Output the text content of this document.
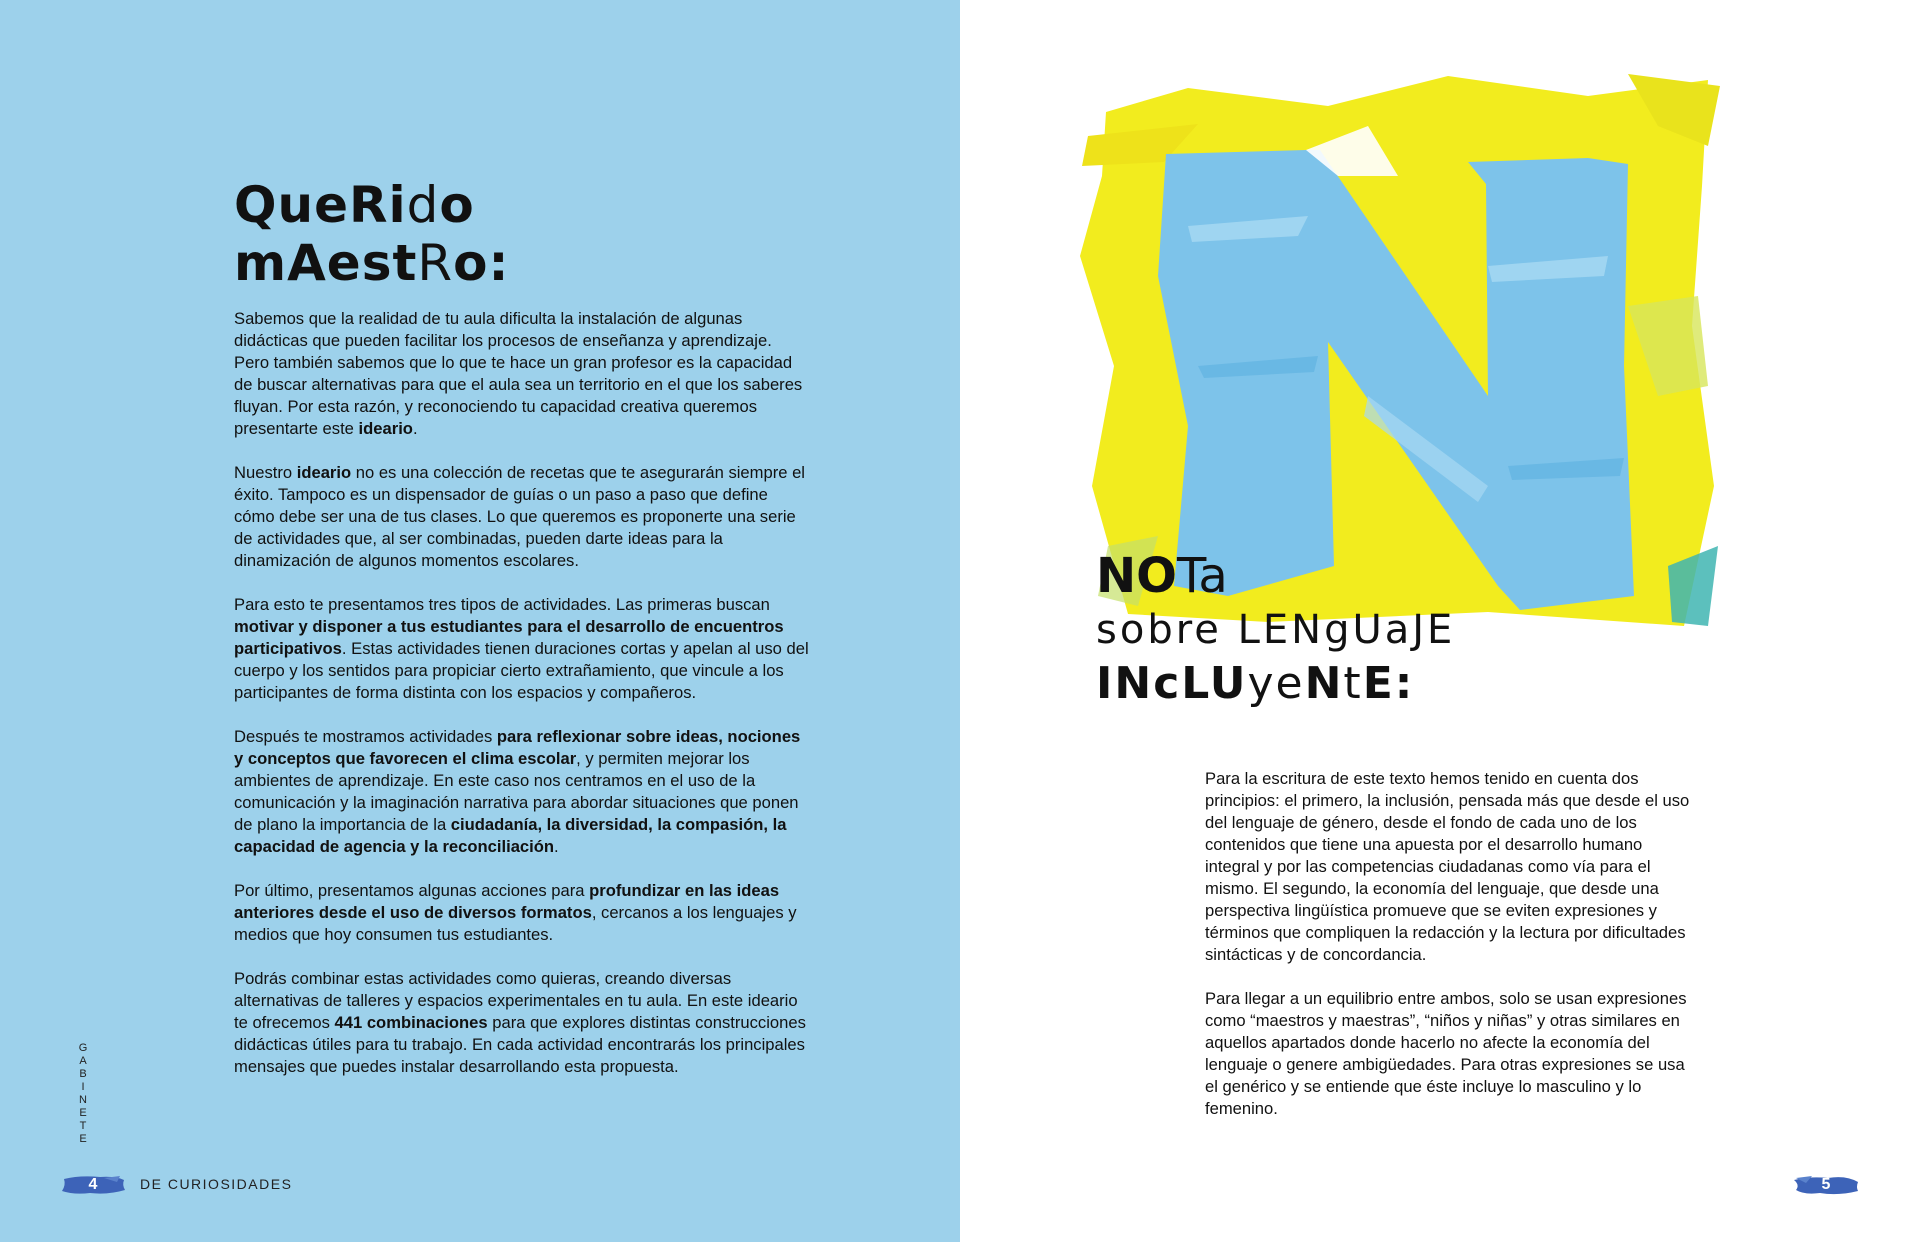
QueRido
mAestRo:

Sabemos que la realidad de tu aula dificulta la instalación de algunas didácticas que pueden facilitar los procesos de enseñanza y aprendizaje. Pero también sabemos que lo que te hace un gran profesor es la capacidad de buscar alternativas para que el aula sea un territorio en el que los saberes fluyan. Por esta razón, y reconociendo tu capacidad creativa queremos presentarte este ideario.

Nuestro ideario no es una colección de recetas que te asegurarán siempre el éxito. Tampoco es un dispensador de guías o un paso a paso que define cómo debe ser una de tus clases. Lo que queremos es proponerte una serie de actividades que, al ser combinadas, pueden darte ideas para la dinamización de algunos momentos escolares.

Para esto te presentamos tres tipos de actividades. Las primeras buscan motivar y disponer a tus estudiantes para el desarrollo de encuentros participativos. Estas actividades tienen duraciones cortas y apelan al uso del cuerpo y los sentidos para propiciar cierto extrañamiento, que vincule a los participantes de forma distinta con los espacios y compañeros.

Después te mostramos actividades para reflexionar sobre ideas, nociones y conceptos que favorecen el clima escolar, y permiten mejorar los ambientes de aprendizaje. En este caso nos centramos en el uso de la comunicación y la imaginación narrativa para abordar situaciones que ponen de plano la importancia de la ciudadanía, la diversidad, la compasión, la capacidad de agencia y la reconciliación.

Por último, presentamos algunas acciones para profundizar en las ideas anteriores desde el uso de diversos formatos, cercanos a los lenguajes y medios que hoy consumen tus estudiantes.

Podrás combinar estas actividades como quieras, creando diversas alternativas de talleres y espacios experimentales en tu aula. En este ideario te ofrecemos 441 combinaciones para que explores distintas construcciones didácticas útiles para tu trabajo. En cada actividad encontrarás los principales mensajes que puedes instalar desarrollando esta propuesta.

G
A
B
I
N
E
T
E
4	DE CURIOSIDADES
NOTa
sobre LENgUaJE
INcLUyeNtE:

Para la escritura de este texto hemos tenido en cuenta dos principios: el primero, la inclusión, pensada más que desde el uso del lenguaje de género, desde el fondo de cada uno de los contenidos que tiene una apuesta por el desarrollo humano integral y por las competencias ciudadanas como vía para el mismo. El segundo, la economía del lenguaje, que desde una perspectiva lingüística promueve que se eviten expresiones y términos que compliquen la redacción y la lectura por dificultades sintácticas y de concordancia.

Para llegar a un equilibrio entre ambos, solo se usan expresiones como “maestros y maestras”, “niños y niñas” y otras similares en aquellos apartados donde hacerlo no afecte la economía del lenguaje o genere ambigüedades. Para otras expresiones se usa el genérico y se entiende que éste incluye lo masculino y lo femenino.

5
